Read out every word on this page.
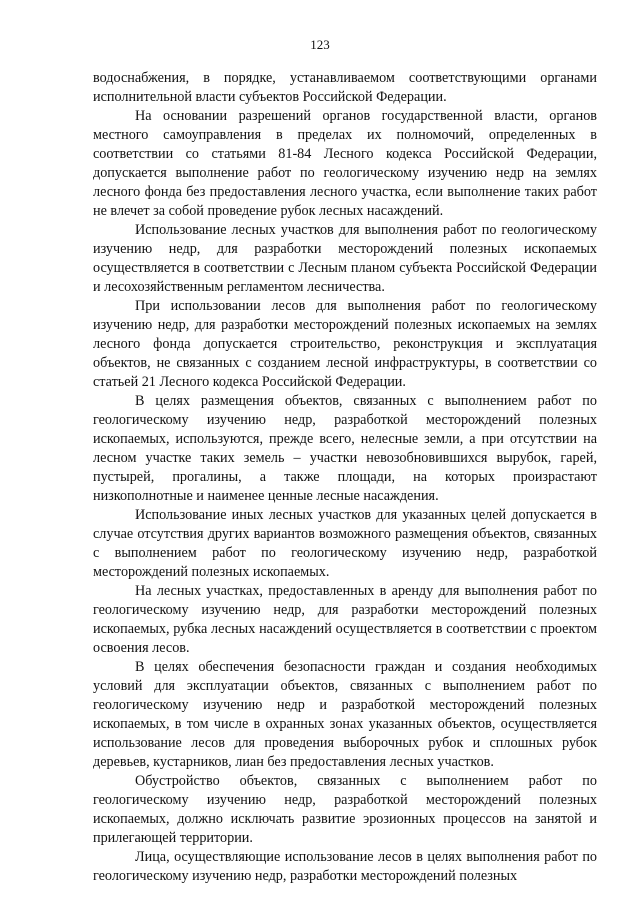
123

водоснабжения, в порядке, устанавливаемом соответствующими органами исполнительной власти субъектов Российской Федерации.

На основании разрешений органов государственной власти, органов местного самоуправления в пределах их полномочий, определенных в соответствии со статьями 81-84 Лесного кодекса Российской Федерации, допускается выполнение работ по геологическому изучению недр на землях лесного фонда без предоставления лесного участка, если выполнение таких работ не влечет за собой проведение рубок лесных насаждений.

Использование лесных участков для выполнения работ по геологическому изучению недр, для разработки месторождений полезных ископаемых осуществляется в соответствии с Лесным планом субъекта Российской Федерации и лесохозяйственным регламентом лесничества.

При использовании лесов для выполнения работ по геологическому изучению недр, для разработки месторождений полезных ископаемых на землях лесного фонда допускается строительство, реконструкция и эксплуатация объектов, не связанных с созданием лесной инфраструктуры, в соответствии со статьей 21 Лесного кодекса Российской Федерации.

В целях размещения объектов, связанных с выполнением работ по геологическому изучению недр, разработкой месторождений полезных ископаемых, используются, прежде всего, нелесные земли, а при отсутствии на лесном участке таких земель – участки невозобновившихся вырубок, гарей, пустырей, прогалины, а также площади, на которых произрастают низкополнотные и наименее ценные лесные насаждения.

Использование иных лесных участков для указанных целей допускается в случае отсутствия других вариантов возможного размещения объектов, связанных с выполнением работ по геологическому изучению недр, разработкой месторождений полезных ископаемых.

На лесных участках, предоставленных в аренду для выполнения работ по геологическому изучению недр, для разработки месторождений полезных ископаемых, рубка лесных насаждений осуществляется в соответствии с проектом освоения лесов.

В целях обеспечения безопасности граждан и создания необходимых условий для эксплуатации объектов, связанных с выполнением работ по геологическому изучению недр и разработкой месторождений полезных ископаемых, в том числе в охранных зонах указанных объектов, осуществляется использование лесов для проведения выборочных рубок и сплошных рубок деревьев, кустарников, лиан без предоставления лесных участков.

Обустройство объектов, связанных с выполнением работ по геологическому изучению недр, разработкой месторождений полезных ископаемых, должно исключать развитие эрозионных процессов на занятой и прилегающей территории.

Лица, осуществляющие использование лесов в целях выполнения работ по геологическому изучению недр, разработки месторождений полезных
